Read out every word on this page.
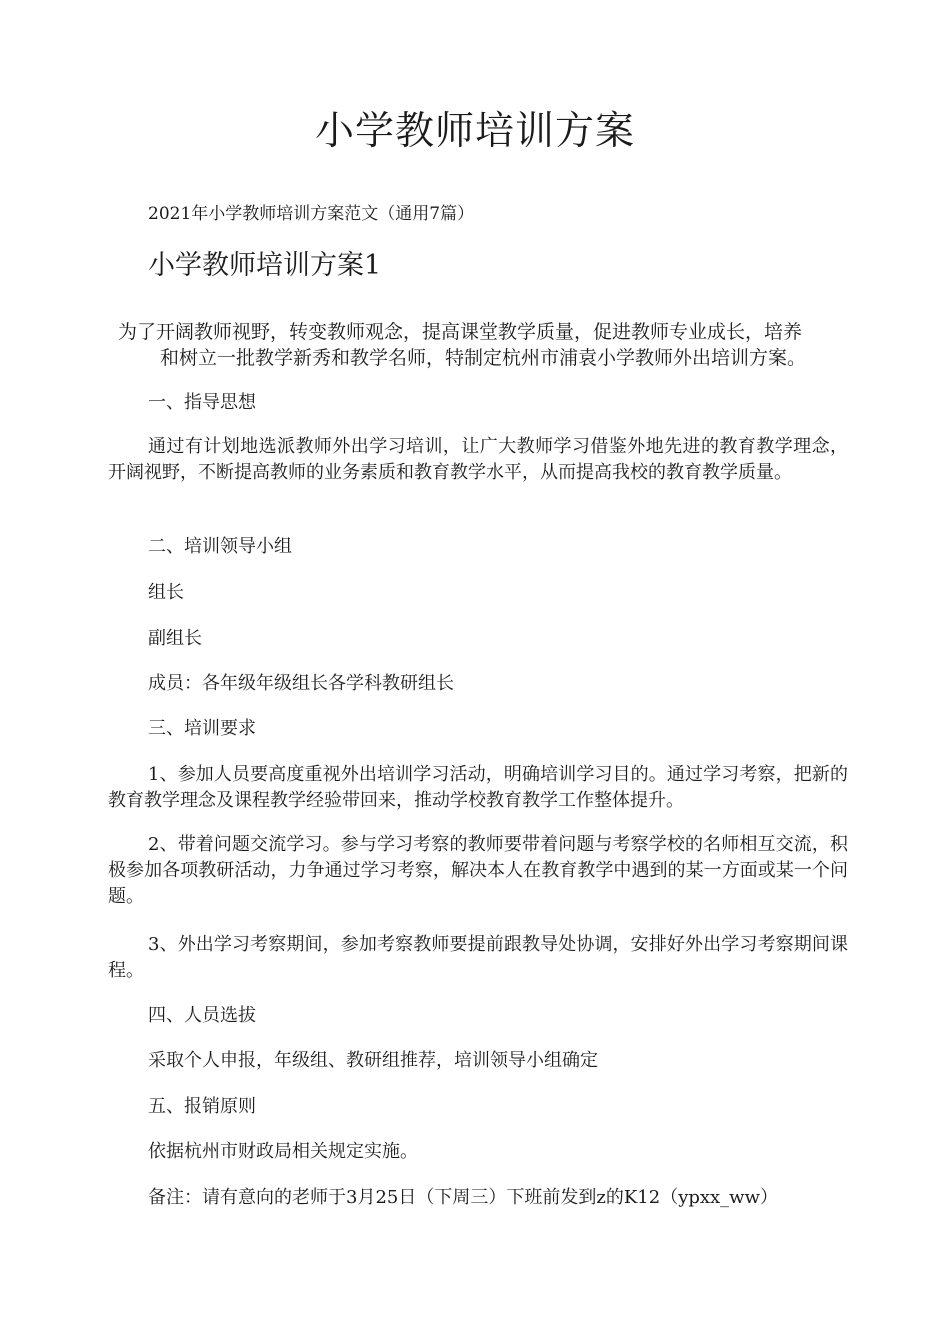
小学教师培训方案

2021年小学教师培训方案范文（通用7篇）

小学教师培训方案1

为了开阔教师视野，转变教师观念，提高课堂教学质量，促进教师专业成长，培养

和树立一批教学新秀和教学名师，特制定杭州市浦袁小学教师外出培训方案。

一、指导思想

通过有计划地选派教师外出学习培训，让广大教师学习借鉴外地先进的教育教学理念，开阔视野，不断提高教师的业务素质和教育教学水平，从而提高我校的教育教学质量。

二、培训领导小组

组长

副组长

成员：各年级年级组长各学科教研组长

三、培训要求

1、参加人员要高度重视外出培训学习活动，明确培训学习目的。通过学习考察，把新的教育教学理念及课程教学经验带回来，推动学校教育教学工作整体提升。

2、带着问题交流学习。参与学习考察的教师要带着问题与考察学校的名师相互交流，积极参加各项教研活动，力争通过学习考察，解决本人在教育教学中遇到的某一方面或某一个问题。

3、外出学习考察期间，参加考察教师要提前跟教导处协调，安排好外出学习考察期间课程。

四、人员选拔

采取个人申报，年级组、教研组推荐，培训领导小组确定

五、报销原则

依据杭州市财政局相关规定实施。

备注：请有意向的老师于3月25日（下周三）下班前发到z的K12（ypxx_ww）
